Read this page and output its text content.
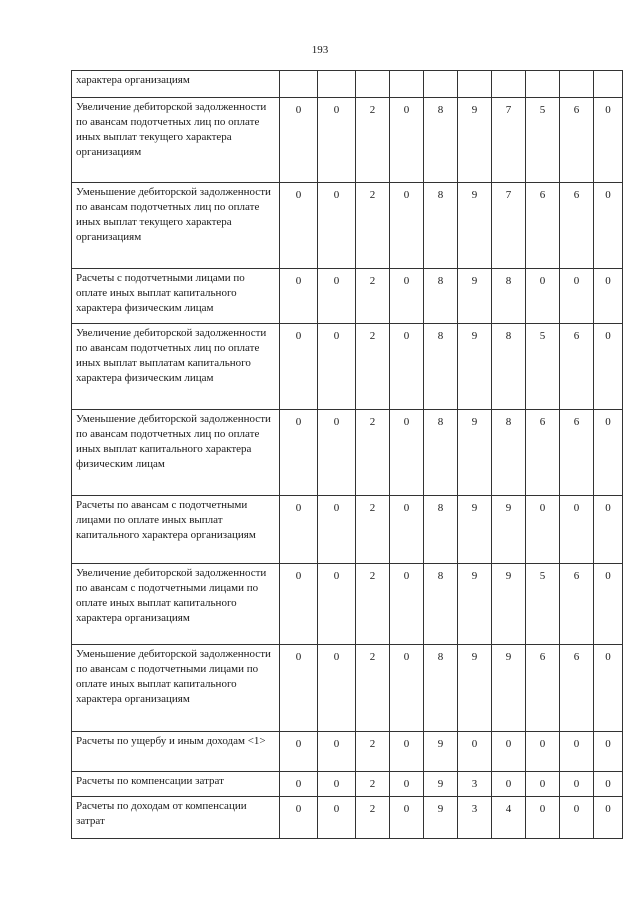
193
характера организациям										
Увеличение дебиторской задолженности по авансам подотчетных лиц по оплате иных выплат текущего характера организациям	0	0	2	0	8	9	7	5	6	0
Уменьшение дебиторской задолженности по авансам подотчетных лиц по оплате иных выплат текущего характера организациям	0	0	2	0	8	9	7	6	6	0
Расчеты с подотчетными лицами по оплате иных выплат капитального характера физическим лицам	0	0	2	0	8	9	8	0	0	0
Увеличение дебиторской задолженности по авансам подотчетных лиц по оплате иных выплат выплатам капитального характера физическим лицам	0	0	2	0	8	9	8	5	6	0
Уменьшение дебиторской задолженности по авансам подотчетных лиц по оплате иных выплат капитального характера физическим лицам	0	0	2	0	8	9	8	6	6	0
Расчеты по авансам с подотчетными лицами по оплате иных выплат капитального характера организациям	0	0	2	0	8	9	9	0	0	0
Увеличение дебиторской задолженности по авансам с подотчетными лицами по оплате иных выплат капитального характера организациям	0	0	2	0	8	9	9	5	6	0
Уменьшение дебиторской задолженности по авансам с подотчетными лицами по оплате иных выплат капитального характера организациям	0	0	2	0	8	9	9	6	6	0
Расчеты по ущербу и иным доходам <1>	0	0	2	0	9	0	0	0	0	0
Расчеты по компенсации затрат	0	0	2	0	9	3	0	0	0	0
Расчеты по доходам от компенсации затрат	0	0	2	0	9	3	4	0	0	0
